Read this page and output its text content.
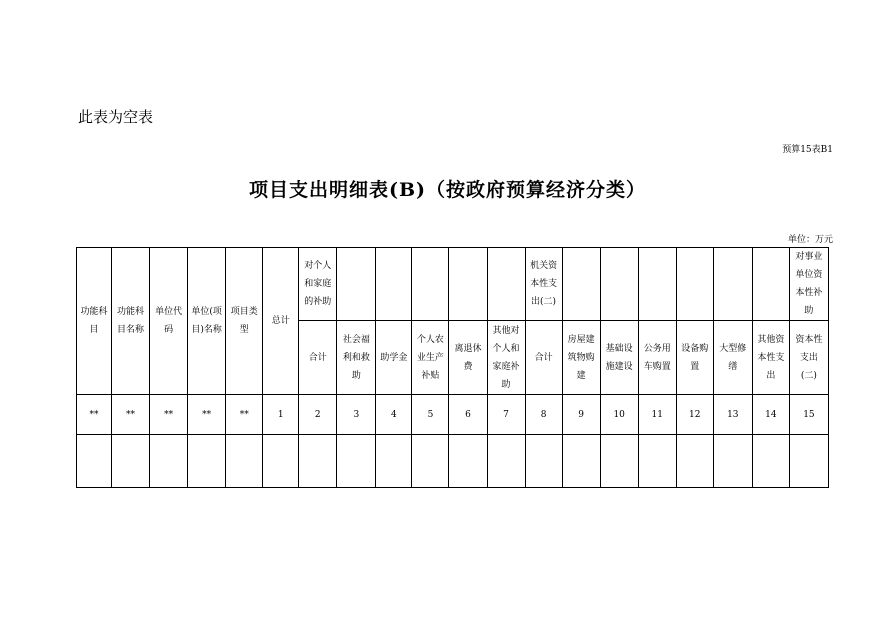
此表为空表
预算15表B1
项目支出明细表(B)（按政府预算经济分类）
单位：万元
功能科目	功能科目名称	单位代码	单位(项目)名称	项目类型	总计	对个人和家庭的补助						机关资本性支出(二)							对事业单位资本性补助
						合计	社会福利和救助	助学金	个人农业生产补贴	离退休费	其他对个人和家庭补助	合计	房屋建筑物购建	基础设施建设	公务用车购置	设备购置	大型修缮	其他资本性支出	资本性支出(二)
**	**	**	**	**	1	2	3	4	5	6	7	8	9	10	11	12	13	14	15
